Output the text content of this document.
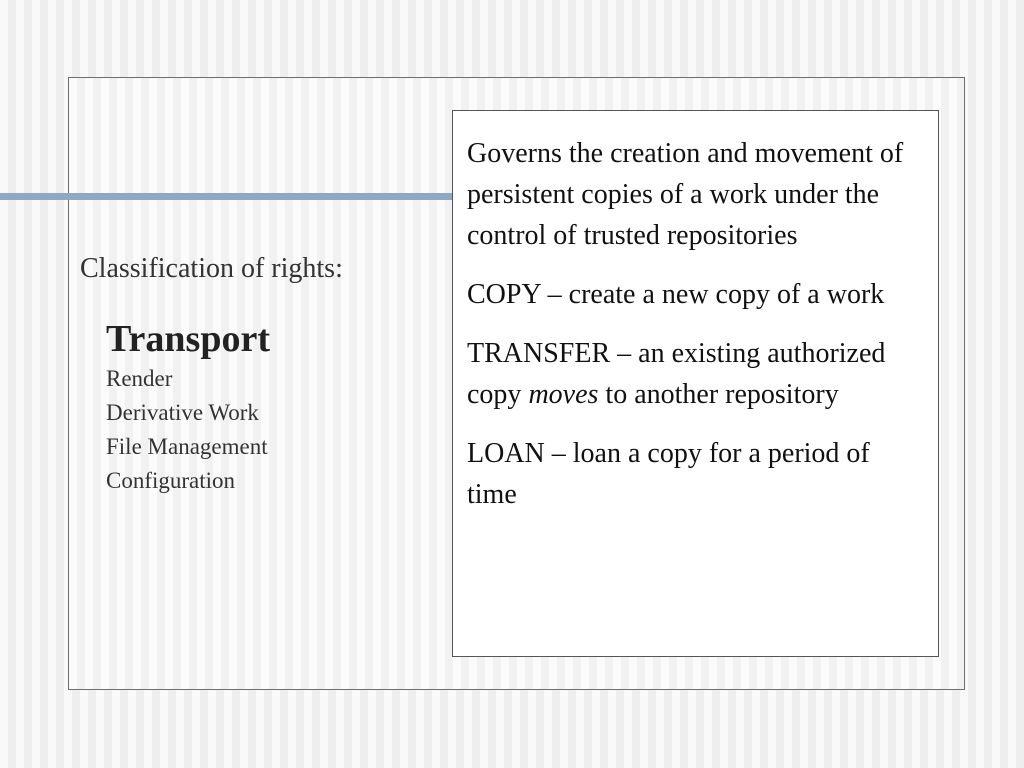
Classification of rights:
Transport
Render
Derivative Work
File Management
Configuration

Governs the creation and movement of persistent copies of a work under the control of trusted repositories

COPY – create a new copy of a work

TRANSFER – an existing authorized copy moves to another repository

LOAN – loan a copy for a period of time
